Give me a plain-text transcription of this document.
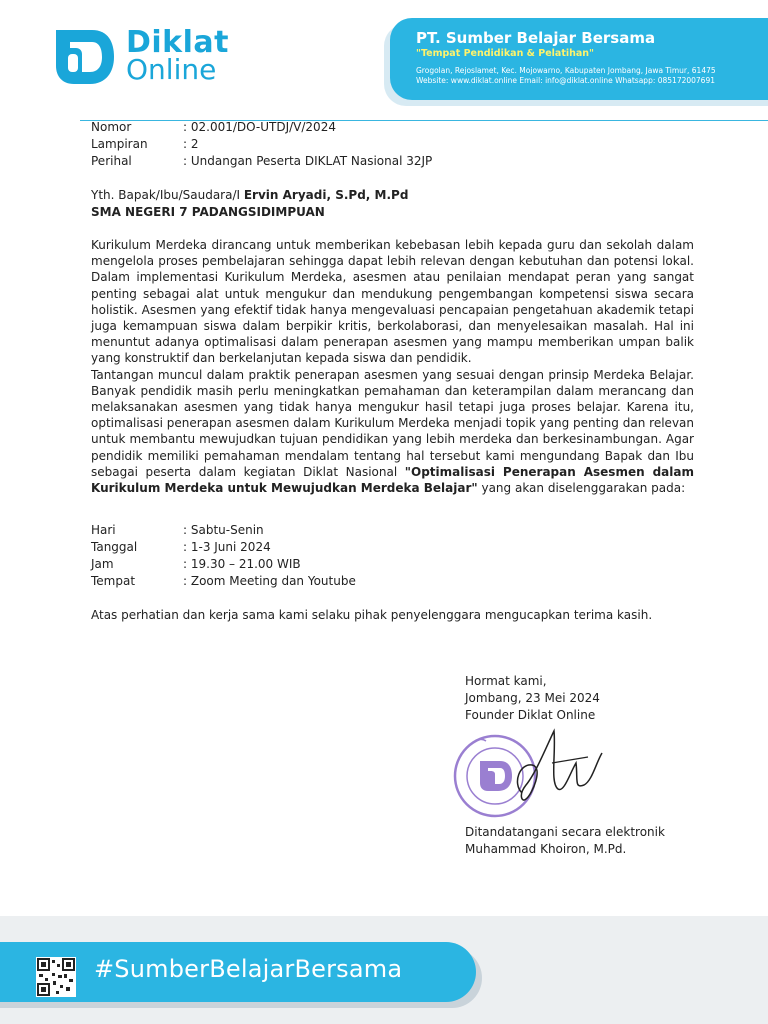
Diklat
Online
PT. Sumber Belajar Bersama
"Tempat Pendidikan & Pelatihan"
Grogolan, Rejoslamet, Kec. Mojowarno, Kabupaten Jombang, Jawa Timur, 61475
Website: www.diklat.online Email: info@diklat.online Whatsapp: 085172007691
Nomor	: 02.001/DO-UTDJ/V/2024
Lampiran	: 2
Perihal	: Undangan Peserta DIKLAT Nasional 32JP
Yth. Bapak/Ibu/Saudara/I Ervin Aryadi, S.Pd, M.Pd
SMA NEGERI 7 PADANGSIDIMPUAN

Kurikulum Merdeka dirancang untuk memberikan kebebasan lebih kepada guru dan sekolah dalam mengelola proses pembelajaran sehingga dapat lebih relevan dengan kebutuhan dan potensi lokal. Dalam implementasi Kurikulum Merdeka, asesmen atau penilaian mendapat peran yang sangat penting sebagai alat untuk mengukur dan mendukung pengembangan kompetensi siswa secara holistik. Asesmen yang efektif tidak hanya mengevaluasi pencapaian pengetahuan akademik tetapi juga kemampuan siswa dalam berpikir kritis, berkolaborasi, dan menyelesaikan masalah. Hal ini menuntut adanya optimalisasi dalam penerapan asesmen yang mampu memberikan umpan balik yang konstruktif dan berkelanjutan kepada siswa dan pendidik.

Tantangan muncul dalam praktik penerapan asesmen yang sesuai dengan prinsip Merdeka Belajar. Banyak pendidik masih perlu meningkatkan pemahaman dan keterampilan dalam merancang dan melaksanakan asesmen yang tidak hanya mengukur hasil tetapi juga proses belajar. Karena itu, optimalisasi penerapan asesmen dalam Kurikulum Merdeka menjadi topik yang penting dan relevan untuk membantu mewujudkan tujuan pendidikan yang lebih merdeka dan berkesinambungan. Agar pendidik memiliki pemahaman mendalam tentang hal tersebut kami mengundang Bapak dan Ibu sebagai peserta dalam kegiatan Diklat Nasional "Optimalisasi Penerapan Asesmen dalam Kurikulum Merdeka untuk Mewujudkan Merdeka Belajar" yang akan diselenggarakan pada:

Hari	: Sabtu-Senin
Tanggal	: 1-3 Juni 2024
Jam	: 19.30 – 21.00 WIB
Tempat	: Zoom Meeting dan Youtube
Atas perhatian dan kerja sama kami selaku pihak penyelenggara mengucapkan terima kasih.
Hormat kami,
Jombang, 23 Mei 2024
Founder Diklat Online
Ditandatangani secara elektronik
Muhammad Khoiron, M.Pd.
#SumberBelajarBersama
